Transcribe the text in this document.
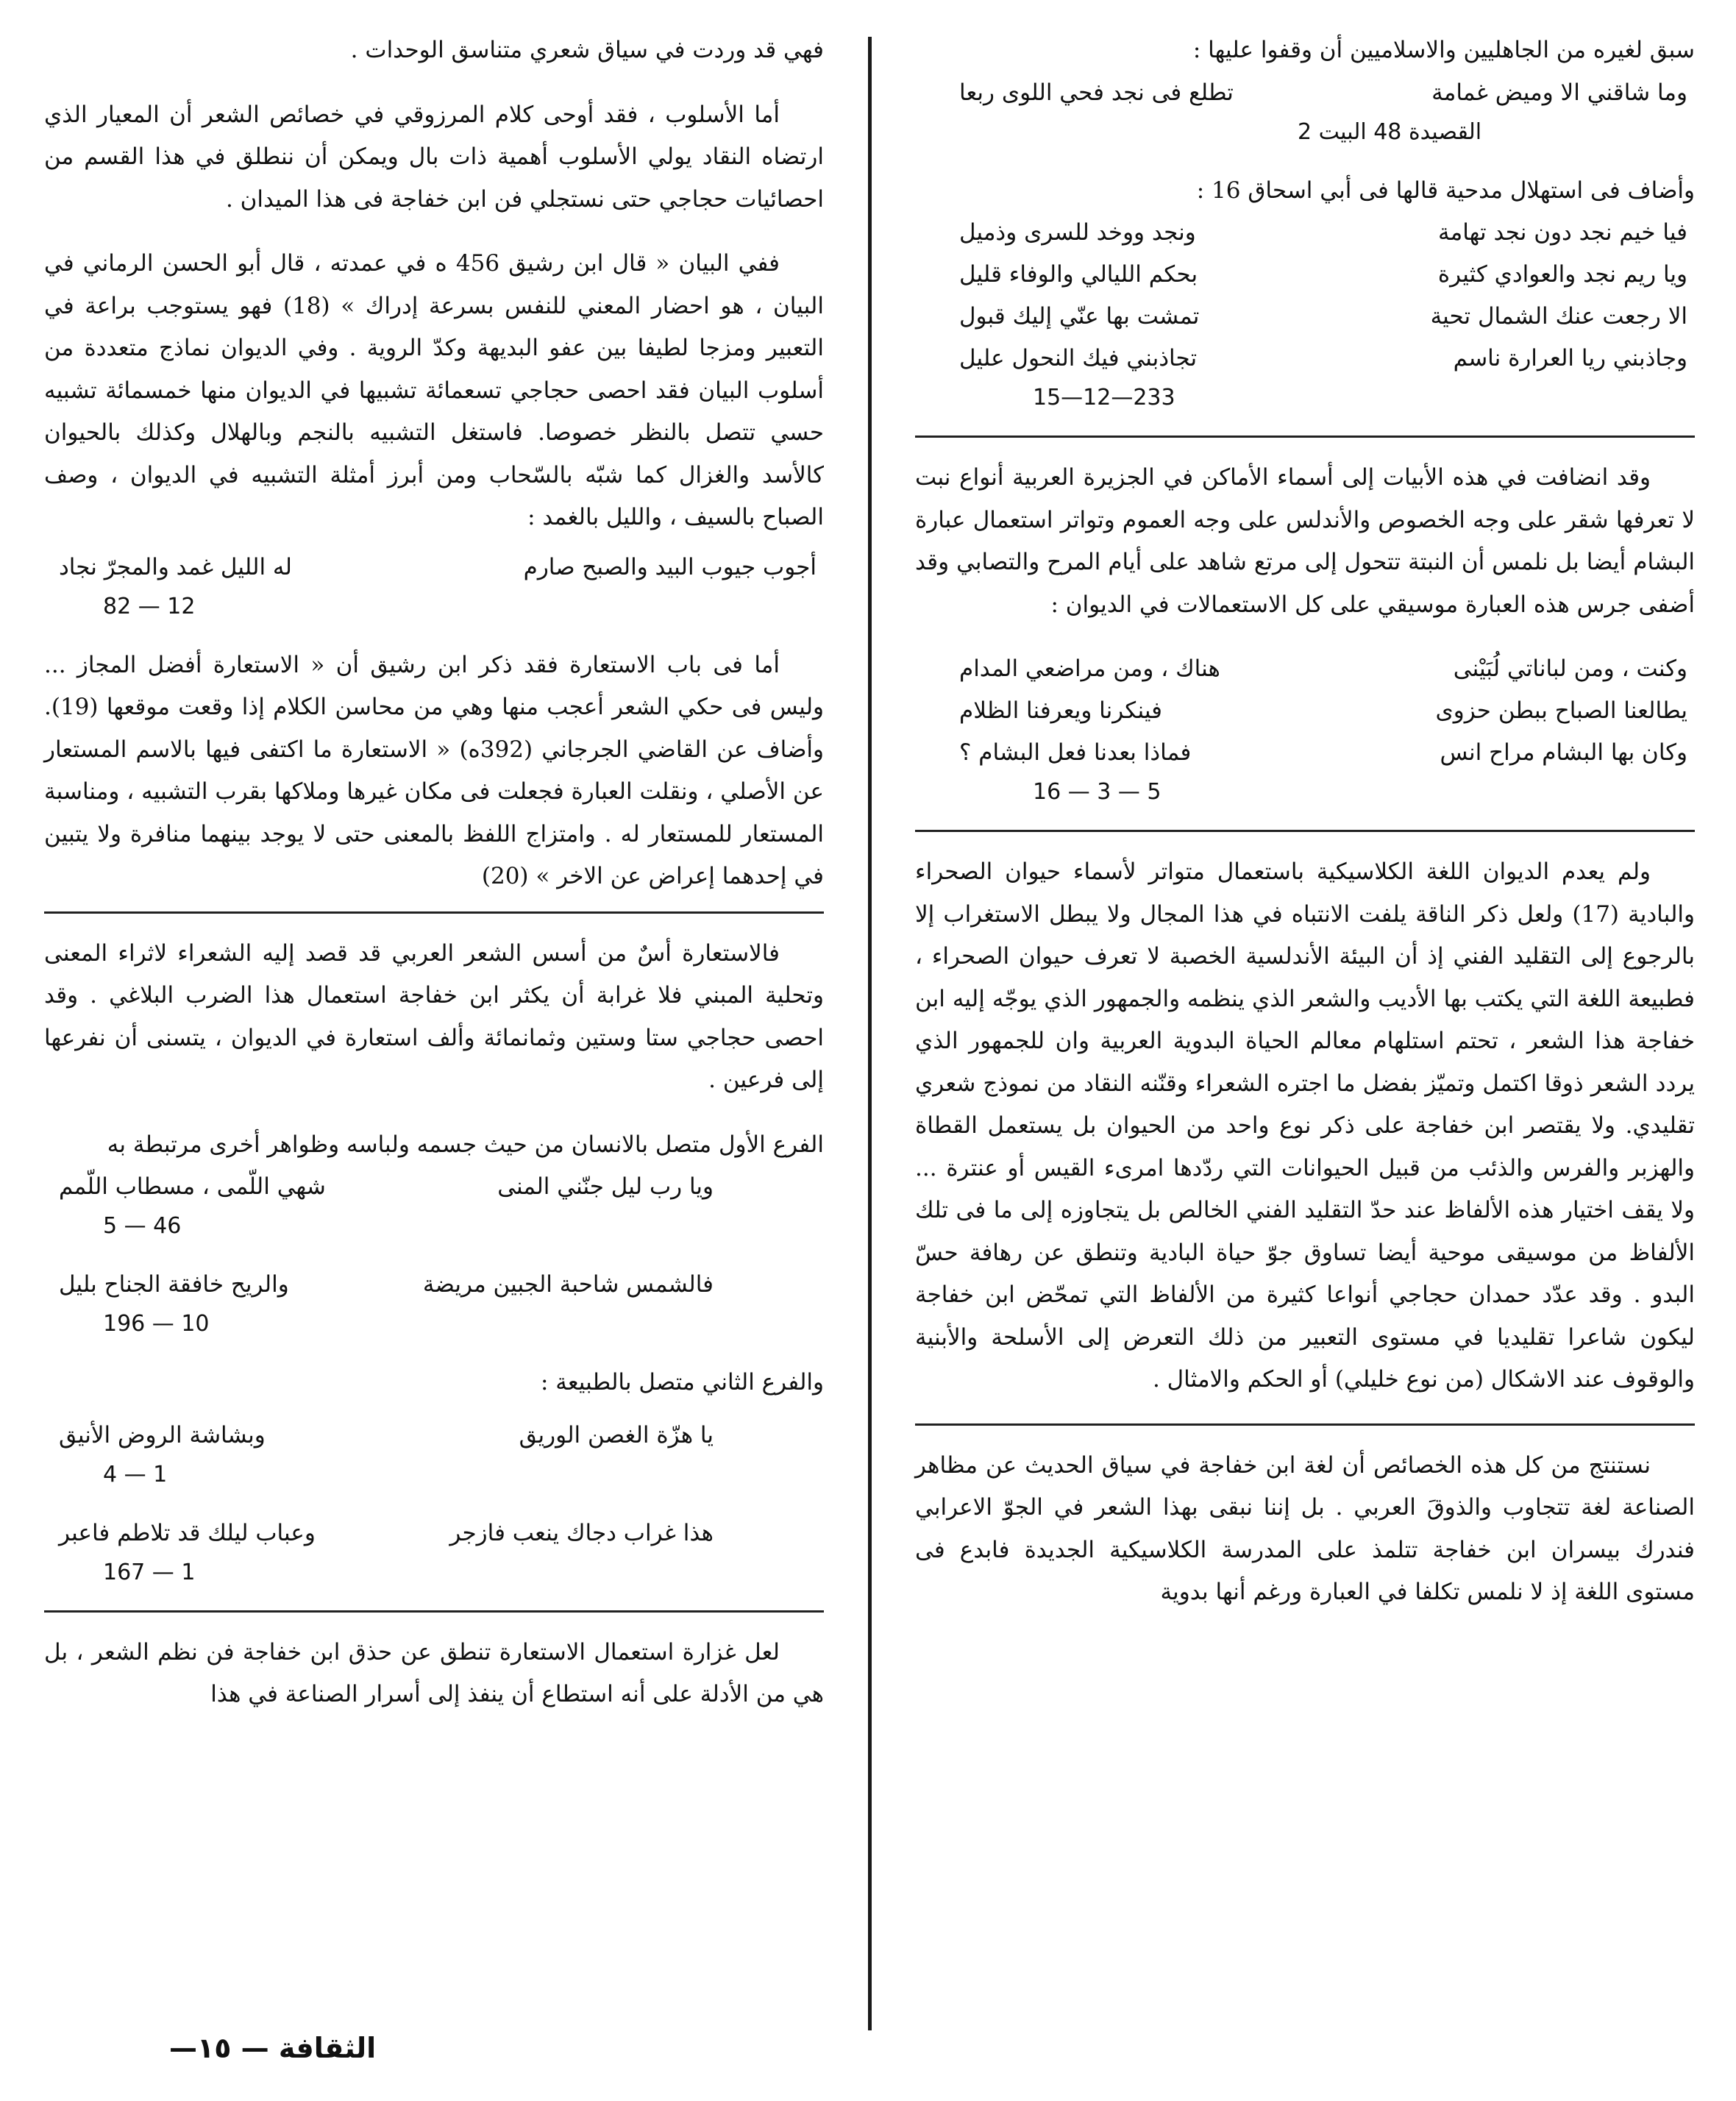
سبق لغيره من الجاهليين والاسلاميين أن وقفوا عليها :

وما شاقني الا وميض غمامة
تطلع فى نجد فحي اللوى ربعا
القصيدة 48 البيت 2

وأضاف فى استهلال مدحية قالها فى أبي اسحاق 16 :

فيا خيم نجد دون نجد تهامة
ونجد ووخد للسرى وذميل
ويا ريم نجد والعوادي كثيرة
بحكم الليالي والوفاء قليل
الا رجعت عنك الشمال تحية
تمشت بها عنّي إليك قبول
وجاذبني ريا العرارة ناسم
تجاذبني فيك النحول عليل
15—12—233

وقد انضافت في هذه الأبيات إلى أسماء الأماكن في الجزيرة العربية أنواع نبت لا تعرفها شقر على وجه الخصوص والأندلس على وجه العموم وتواتر استعمال عبارة البشام أيضا بل نلمس أن النبتة تتحول إلى مرتع شاهد على أيام المرح والتصابي وقد أضفى جرس هذه العبارة موسيقي على كل الاستعمالات في الديوان :

وكنت ، ومن لباناتي لُبَيْنى
هناك ، ومن مراضعي المدام
يطالعنا الصباح ببطن حزوى
فينكرنا ويعرفنا الظلام
وكان بها البشام مراح انس
فماذا بعدنا فعل البشام ؟
16 — 3 — 5

ولم يعدم الديوان اللغة الكلاسيكية باستعمال متواتر لأسماء حيوان الصحراء والبادية (17) ولعل ذكر الناقة يلفت الانتباه في هذا المجال ولا يبطل الاستغراب إلا بالرجوع إلى التقليد الفني إذ أن البيئة الأندلسية الخصبة لا تعرف حيوان الصحراء ، فطبيعة اللغة التي يكتب بها الأديب والشعر الذي ينظمه والجمهور الذي يوجّه إليه ابن خفاجة هذا الشعر ، تحتم استلهام معالم الحياة البدوية العربية وان للجمهور الذي يردد الشعر ذوقا اكتمل وتميّز بفضل ما اجتره الشعراء وقنّنه النقاد من نموذج شعري تقليدي. ولا يقتصر ابن خفاجة على ذكر نوع واحد من الحيوان بل يستعمل القطاة والهزبر والفرس والذئب من قبيل الحيوانات التي ردّدها امرىء القيس أو عنترة ... ولا يقف اختيار هذه الألفاظ عند حدّ التقليد الفني الخالص بل يتجاوزه إلى ما فى تلك الألفاظ من موسيقى موحية أيضا تساوق جوّ حياة البادية وتنطق عن رهافة حسّ البدو . وقد عدّد حمدان حجاجي أنواعا كثيرة من الألفاظ التي تمحّض ابن خفاجة ليكون شاعرا تقليديا في مستوى التعبير من ذلك التعرض إلى الأسلحة والأبنية والوقوف عند الاشكال (من نوع خليلي) أو الحكم والامثال .

نستنتج من كل هذه الخصائص أن لغة ابن خفاجة في سياق الحديث عن مظاهر الصناعة لغة تتجاوب والذوقَ العربي . بل إننا نبقى بهذا الشعر في الجوّ الاعرابي فندرك بيسران ابن خفاجة تتلمذ على المدرسة الكلاسيكية الجديدة فابدع فى مستوى اللغة إذ لا نلمس تكلفا في العبارة ورغم أنها بدوية

فهي قد وردت في سياق شعري متناسق الوحدات .

أما الأسلوب ، فقد أوحى كلام المرزوقي في خصائص الشعر أن المعيار الذي ارتضاه النقاد يولي الأسلوب أهمية ذات بال ويمكن أن ننطلق في هذا القسم من احصائيات حجاجي حتى نستجلي فن ابن خفاجة فى هذا الميدان .

ففي البيان « قال ابن رشيق 456 ه في عمدته ، قال أبو الحسن الرماني في البيان ، هو احضار المعني للنفس بسرعة إدراك » (18) فهو يستوجب براعة في التعبير ومزجا لطيفا بين عفو البديهة وكدّ الروية . وفي الديوان نماذج متعددة من أسلوب البيان فقد احصى حجاجي تسعمائة تشبيها في الديوان منها خمسمائة تشبيه حسي تتصل بالنظر خصوصا. فاستغل التشبيه بالنجم وبالهلال وكذلك بالحيوان كالأسد والغزال كما شبّه بالسّحاب ومن أبرز أمثلة التشبيه في الديوان ، وصف الصباح بالسيف ، والليل بالغمد :

أجوب جيوب البيد والصبح صارم
له الليل غمد والمجرّ نجاد
82 — 12

أما فى باب الاستعارة فقد ذكر ابن رشيق أن « الاستعارة أفضل المجاز ... وليس فى حكي الشعر أعجب منها وهي من محاسن الكلام إذا وقعت موقعها (19). وأضاف عن القاضي الجرجاني (392ه) « الاستعارة ما اكتفى فيها بالاسم المستعار عن الأصلي ، ونقلت العبارة فجعلت فى مكان غيرها وملاكها بقرب التشبيه ، ومناسبة المستعار للمستعار له . وامتزاج اللفظ بالمعنى حتى لا يوجد بينهما منافرة ولا يتبين في إحدهما إعراض عن الاخر » (20)

فالاستعارة أسٌ من أسس الشعر العربي قد قصد إليه الشعراء لاثراء المعنى وتحلية المبني فلا غرابة أن يكثر ابن خفاجة استعمال هذا الضرب البلاغي . وقد احصى حجاجي ستا وستين وثمانمائة وألف استعارة في الديوان ، يتسنى أن نفرعها إلى فرعين .

الفرع الأول متصل بالانسان من حيث جسمه ولباسه وظواهر أخرى مرتبطة به

ويا رب ليل جنّني المنى
شهي اللّمى ، مسطاب اللّمم
5 — 46
فالشمس شاحبة الجبين مريضة
والريح خافقة الجناح بليل
196 — 10

والفرع الثاني متصل بالطبيعة :

يا هزّة الغصن الوريق
وبشاشة الروض الأنيق
4 — 1
هذا غراب دجاك ينعب فازجر
وعباب ليلك قد تلاطم فاعبر
167 — 1

لعل غزارة استعمال الاستعارة تنطق عن حذق ابن خفاجة فن نظم الشعر ، بل هي من الأدلة على أنه استطاع أن ينفذ إلى أسرار الصناعة في هذا

الثقافة — ١٥—
